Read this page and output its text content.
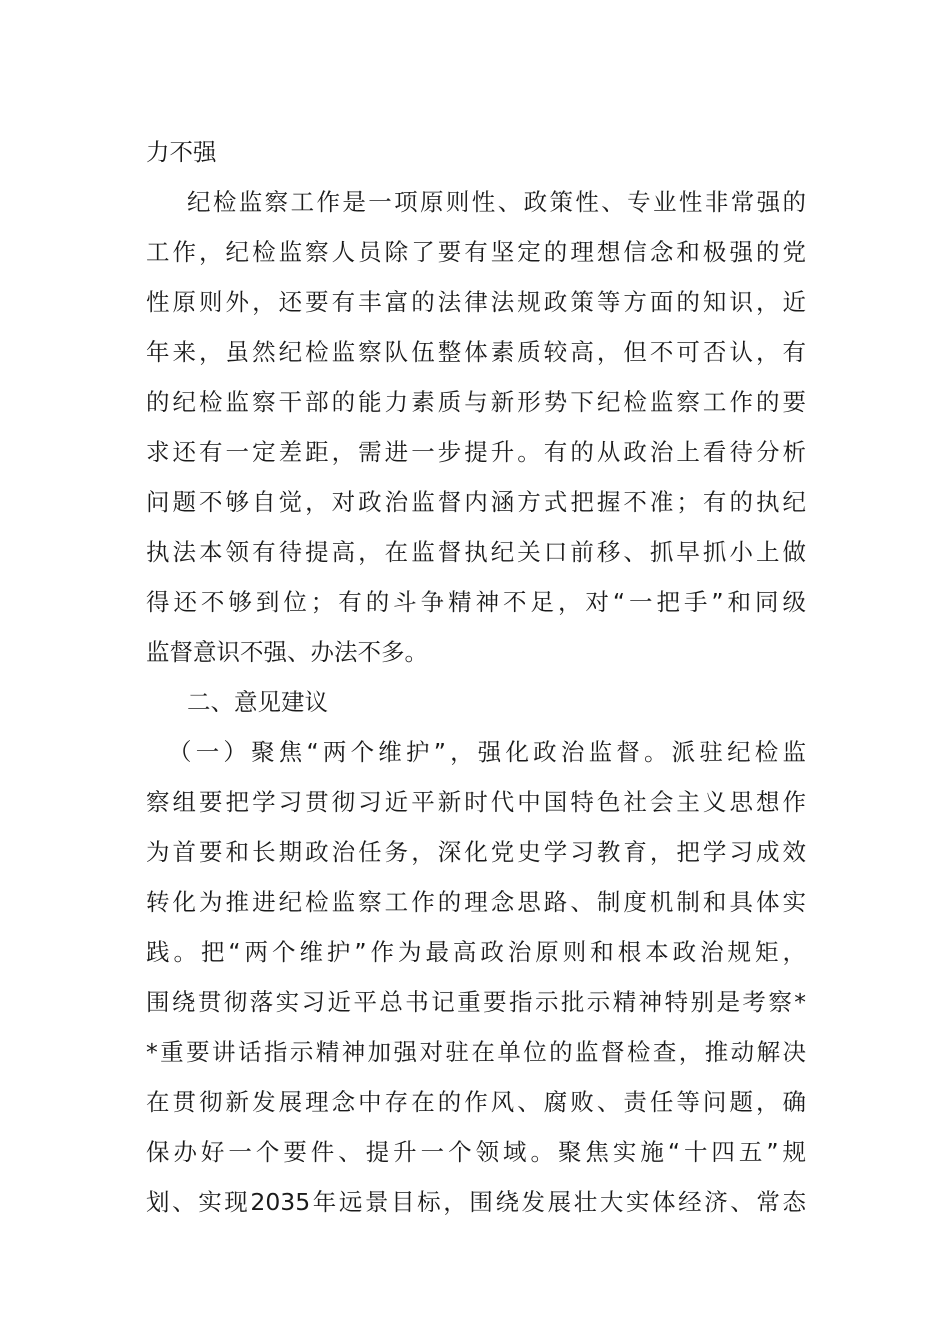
力不强
纪检监察工作是一项原则性、政策性、专业性非常强的
工作，纪检监察人员除了要有坚定的理想信念和极强的党
性原则外，还要有丰富的法律法规政策等方面的知识，近
年来，虽然纪检监察队伍整体素质较高，但不可否认，有
的纪检监察干部的能力素质与新形势下纪检监察工作的要
求还有一定差距，需进一步提升。有的从政治上看待分析
问题不够自觉，对政治监督内涵方式把握不准；有的执纪
执法本领有待提高，在监督执纪关口前移、抓早抓小上做
得还不够到位；有的斗争精神不足，对“一把手”和同级
监督意识不强、办法不多。
二、意见建议
（一）聚焦“两个维护”，强化政治监督。派驻纪检监
察组要把学习贯彻习近平新时代中国特色社会主义思想作
为首要和长期政治任务，深化党史学习教育，把学习成效
转化为推进纪检监察工作的理念思路、制度机制和具体实
践。把“两个维护”作为最高政治原则和根本政治规矩，
围绕贯彻落实习近平总书记重要指示批示精神特别是考察*
*重要讲话指示精神加强对驻在单位的监督检查，推动解决
在贯彻新发展理念中存在的作风、腐败、责任等问题，确
保办好一个要件、提升一个领域。聚焦实施“十四五”规
划、实现2035年远景目标，围绕发展壮大实体经济、常态
